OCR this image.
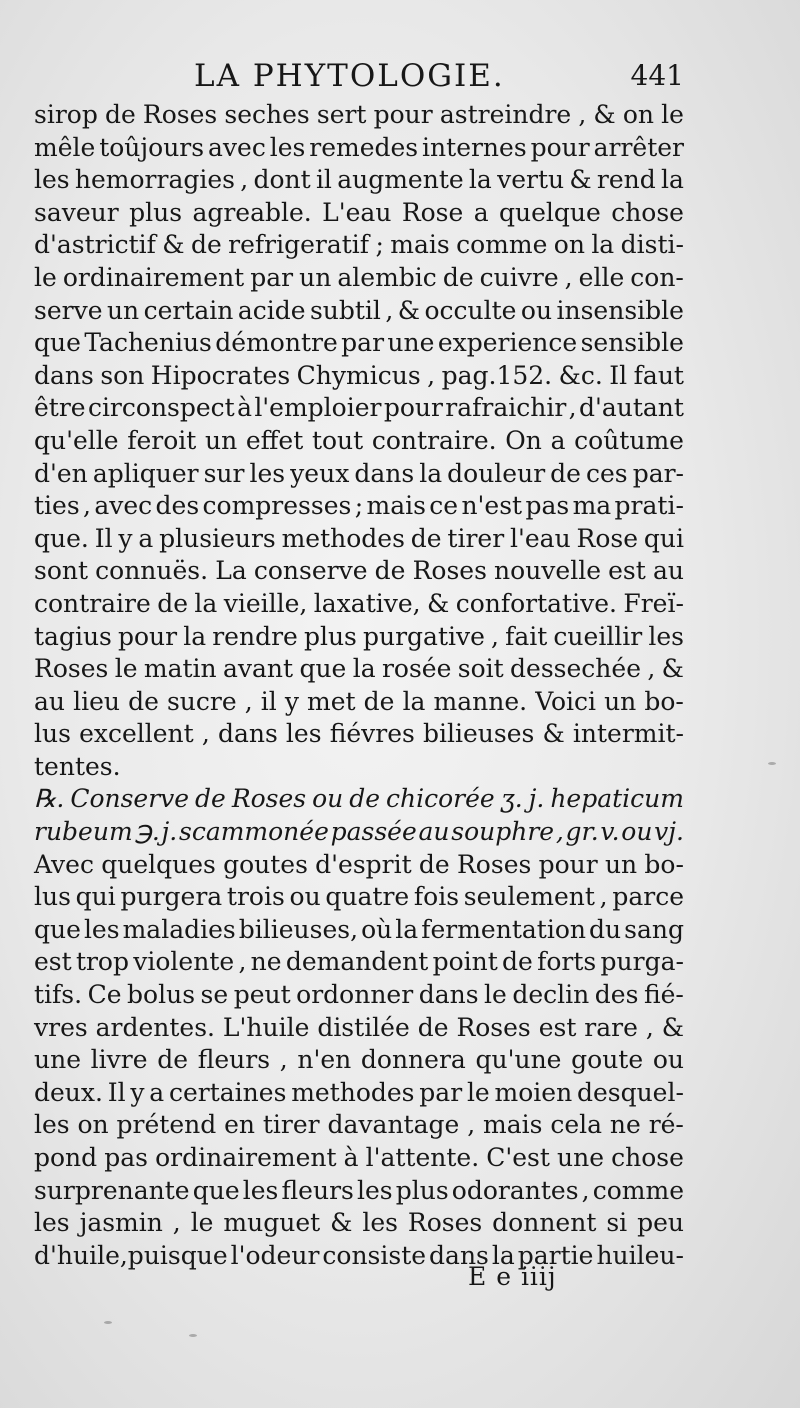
LA PHYTOLOGIE.	441
sirop de Roses seches sert pour astreindre , & on le
mêle toûjours avec les remedes internes pour arrêter
les hemorragies , dont il augmente la vertu & rend la
saveur plus agreable. L'eau Rose a quelque chose
d'astrictif & de refrigeratif ; mais comme on la disti-
le ordinairement par un alembic de cuivre , elle con-
serve un certain acide subtil , & occulte ou insensible
que Tachenius démontre par une experience sensible
dans son Hipocrates Chymicus , pag.152. &c. Il faut
être circonspect à l'emploier pour rafraichir , d'autant
qu'elle feroit un effet tout contraire. On a coûtume
d'en apliquer sur les yeux dans la douleur de ces par-
ties , avec des compresses ; mais ce n'est pas ma prati-
que. Il y a plusieurs methodes de tirer l'eau Rose qui
sont connuës. La conserve de Roses nouvelle est au
contraire de la vieille, laxative, & confortative. Freï-
tagius pour la rendre plus purgative , fait cueillir les
Roses le matin avant que la rosée soit dessechée , &
au lieu de sucre , il y met de la manne. Voici un bo-
lus excellent , dans les fiévres bilieuses & intermit-
tentes.
℞. Conserve de Roses ou de chicorée ʒ. j. hepaticum
rubeum ℈. j. scammonée passée au souphre , gr. v. ou vj.
Avec quelques goutes d'esprit de Roses pour un bo-
lus qui purgera trois ou quatre fois seulement , parce
que les maladies bilieuses, où la fermentation du sang
est trop violente , ne demandent point de forts purga-
tifs. Ce bolus se peut ordonner dans le declin des fié-
vres ardentes. L'huile distilée de Roses est rare , &
une livre de fleurs , n'en donnera qu'une goute ou
deux. Il y a certaines methodes par le moien desquel-
les on prétend en tirer davantage , mais cela ne ré-
pond pas ordinairement à l'attente. C'est une chose
surprenante que les fleurs les plus odorantes , comme
les jasmin , le muguet & les Roses donnent si peu
d'huile,puisque l'odeur consiste dans la partie huileu-
E e iiij
